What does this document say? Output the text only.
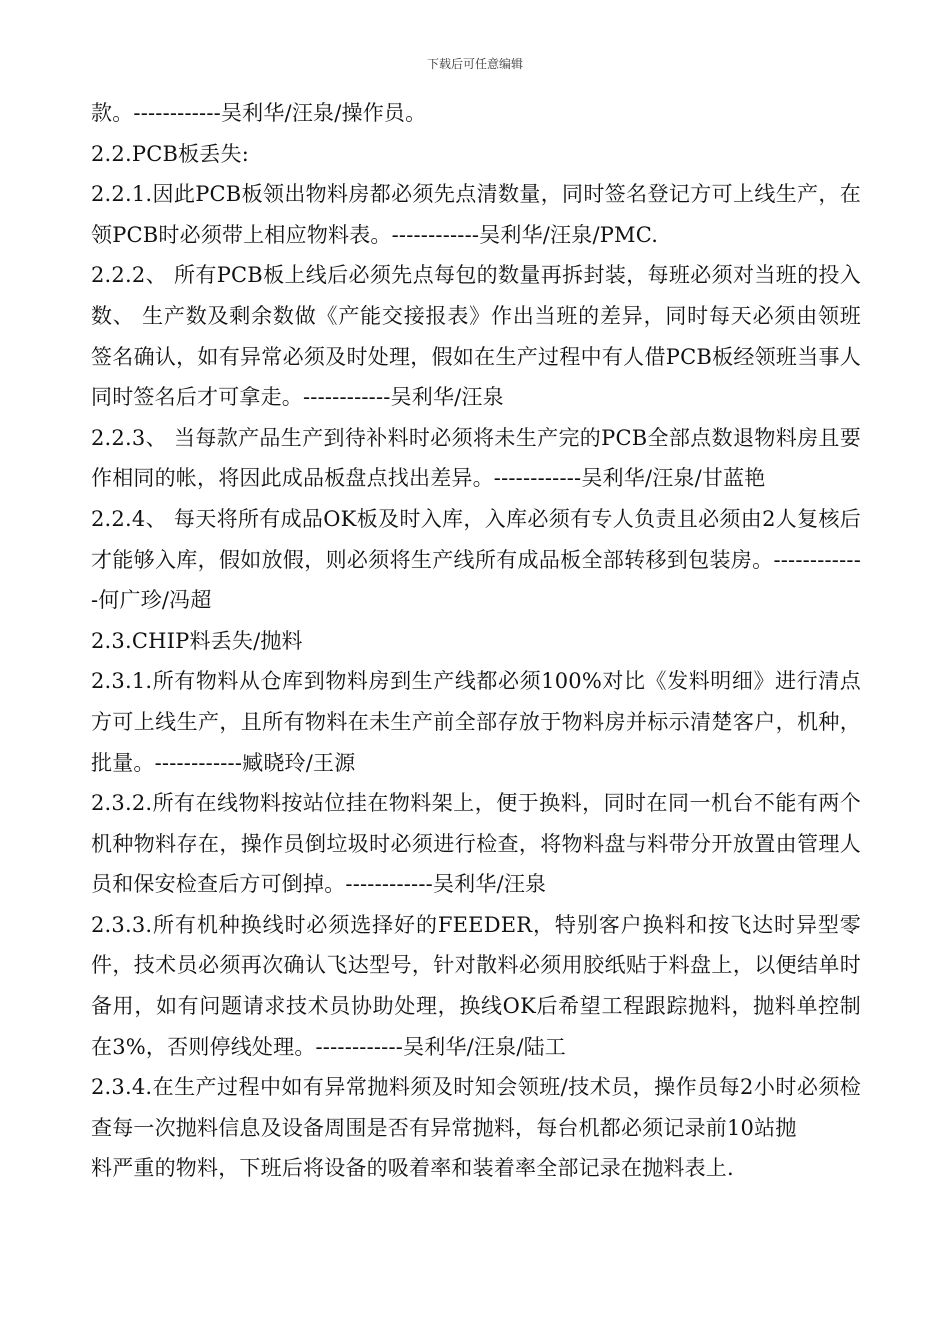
下载后可任意编辑

款。------------吴利华/汪泉/操作员。

2.2.PCB板丢失:

2.2.1.因此PCB板领出物料房都必须先点清数量，同时签名登记方可上线生产，在领PCB时必须带上相应物料表。------------吴利华/汪泉/PMC.

2.2.2、 所有PCB板上线后必须先点每包的数量再拆封装，每班必须对当班的投入数、 生产数及剩余数做《产能交接报表》作出当班的差异，同时每天必须由领班签名确认，如有异常必须及时处理，假如在生产过程中有人借PCB板经领班当事人同时签名后才可拿走。------------吴利华/汪泉

2.2.3、 当每款产品生产到待补料时必须将未生产完的PCB全部点数退物料房且要作相同的帐，将因此成品板盘点找出差异。------------吴利华/汪泉/甘蓝艳

2.2.4、 每天将所有成品OK板及时入库，入库必须有专人负责且必须由2人复核后才能够入库，假如放假，则必须将生产线所有成品板全部转移到包装房。-------------何广珍/冯超

2.3.CHIP料丢失/抛料

2.3.1.所有物料从仓库到物料房到生产线都必须100%对比《发料明细》进行清点方可上线生产，且所有物料在未生产前全部存放于物料房并标示清楚客户，机种，批量。------------臧晓玲/王源

2.3.2.所有在线物料按站位挂在物料架上，便于换料，同时在同一机台不能有两个机种物料存在，操作员倒垃圾时必须进行检查，将物料盘与料带分开放置由管理人员和保安检查后方可倒掉。------------吴利华/汪泉

2.3.3.所有机种换线时必须选择好的FEEDER，特别客户换料和按飞达时异型零件，技术员必须再次确认飞达型号，针对散料必须用胶纸贴于料盘上，以便结单时备用，如有问题请求技术员协助处理，换线OK后希望工程跟踪抛料，抛料单控制在3%，否则停线处理。------------吴利华/汪泉/陆工

2.3.4.在生产过程中如有异常抛料须及时知会领班/技术员，操作员每2小时必须检查每一次抛料信息及设备周围是否有异常抛料，每台机都必须记录前10站抛

料严重的物料，下班后将设备的吸着率和装着率全部记录在抛料表上.
